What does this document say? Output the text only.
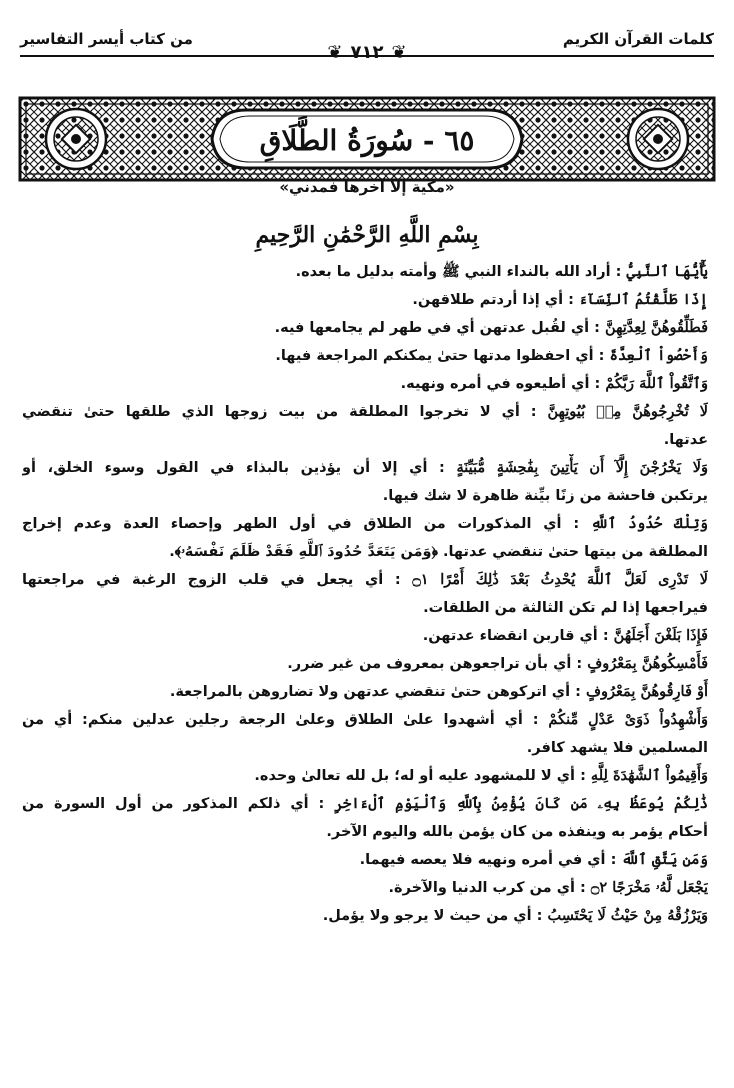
كلمات القرآن الكريم
❦
٧١٢
❦
من كتاب أيسر التفاسير
٦٥ - سُورَةُ الطَّلَاقِ
«مكية إلا آخرها فمدني»
بِسْمِ اللَّهِ الرَّحْمَٰنِ الرَّحِيمِ
يَٰٓأَيُّهَا ٱلنَّبِيُّ : أراد الله بالنداء النبي ﷺ وأمته بدليل ما بعده.
إِذَا طَلَّقْتُمُ ٱلنِّسَآءَ : أي إذا أردتم طلاقهن.
فَطَلِّقُوهُنَّ لِعِدَّتِهِنَّ : أي لقُبل عدتهن أي في طهر لم يجامعها فيه.
وَأَحْصُواْ ٱلْعِدَّةَ : أي احفظوا مدتها حتىٰ يمكنكم المراجعة فيها.
وَٱتَّقُواْ ٱللَّهَ رَبَّكُمْ : أي أطيعوه في أمره ونهيه.
لَا تُخْرِجُوهُنَّ مِنۢ بُيُوتِهِنَّ : أي لا تخرجوا المطلقة من بيت زوجها الذي طلقها حتىٰ تنقضي
عدتها.
وَلَا يَخْرُجْنَ إِلَّآ أَن يَأْتِينَ بِفَٰحِشَةٍ مُّبَيِّنَةٍ : أي إلا أن يؤذين بالبذاء في القول وسوء الخلق، أو
يرتكبن فاحشة من زنًا بيِّنة ظاهرة لا شك فيها.
وَتِلْكَ حُدُودُ ٱللَّهِ : أي المذكورات من الطلاق في أول الطهر وإحصاء العدة وعدم إخراج
المطلقة من بيتها حتىٰ تنقضي عدتها. ﴿وَمَن يَتَعَدَّ حُدُودَ ٱللَّهِ فَقَدْ ظَلَمَ نَفْسَهُۥ﴾.
لَا تَدْرِى لَعَلَّ ٱللَّهَ يُحْدِثُ بَعْدَ ذَٰلِكَ أَمْرًا ۝١ : أي يجعل في قلب الزوج الرغبة في مراجعتها
فيراجعها إذا لم تكن الثالثة من الطلقات.
فَإِذَا بَلَغْنَ أَجَلَهُنَّ : أي قاربن انقضاء عدتهن.
فَأَمْسِكُوهُنَّ بِمَعْرُوفٍ : أي بأن تراجعوهن بمعروف من غير ضرر.
أَوْ فَارِقُوهُنَّ بِمَعْرُوفٍ : أي اتركوهن حتىٰ تنقضي عدتهن ولا تضاروهن بالمراجعة.
وَأَشْهِدُواْ ذَوَىْ عَدْلٍ مِّنكُمْ : أي أشهدوا علىٰ الطلاق وعلىٰ الرجعة رجلين عدلين منكم: أي من
المسلمين فلا يشهد كافر.
وَأَقِيمُواْ ٱلشَّهَٰدَةَ لِلَّهِ : أي لا للمشهود عليه أو له؛ بل لله تعالىٰ وحده.
ذَٰلِكُمْ يُوعَظُ بِهِۦ مَن كَانَ يُؤْمِنُ بِٱللَّهِ وَٱلْيَوْمِ ٱلْءَاخِرِ : أي ذلكم المذكور من أول السورة من
أحكام يؤمر به وينفذه من كان يؤمن بالله واليوم الآخر.
وَمَن يَتَّقِ ٱللَّهَ : أي في أمره ونهيه فلا يعصه فيهما.
يَجْعَل لَّهُۥ مَخْرَجًا ۝٢ : أي من كرب الدنيا والآخرة.
وَيَرْزُقْهُ مِنْ حَيْثُ لَا يَحْتَسِبُ : أي من حيث لا يرجو ولا يؤمل.
